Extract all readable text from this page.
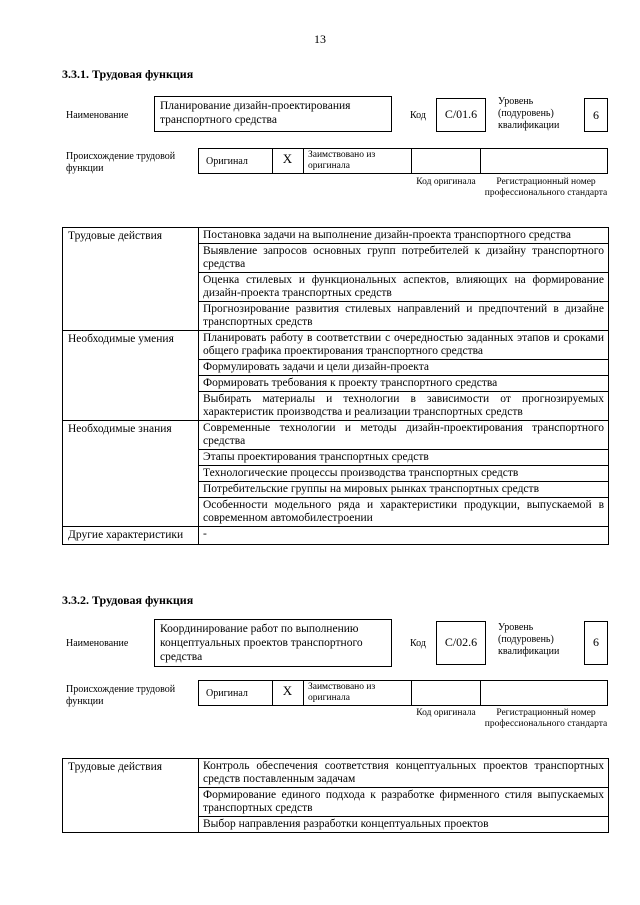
13
3.3.1. Трудовая функция
Наименование
Планирование дизайн-проектирования транспортного средства	Код	C/01.6
Уровень (подуровень) квалификации
6
Происхождение трудовой функции
Оригинал	X	Заимствовано из оригинала
Код оригинала	Регистрационный номер профессионального стандарта
Трудовые действия	Постановка задачи на выполнение дизайн-проекта транспортного средства
	Выявление запросов основных групп потребителей к дизайну транспортного средства
	Оценка стилевых и функциональных аспектов, влияющих на формирование дизайн-проекта транспортных средств
	Прогнозирование развития стилевых направлений и предпочтений в дизайне транспортных средств
Необходимые умения	Планировать работу в соответствии с очередностью заданных этапов и сроками общего графика проектирования транспортного средства
	Формулировать задачи и цели дизайн-проекта
	Формировать требования к проекту транспортного средства
	Выбирать материалы и технологии в зависимости от прогнозируемых характеристик производства и реализации транспортных средств
Необходимые знания	Современные технологии и методы дизайн-проектирования транспортного средства
	Этапы проектирования транспортных средств
	Технологические процессы производства транспортных средств
	Потребительские группы на мировых рынках транспортных средств
	Особенности модельного ряда и характеристики продукции, выпускаемой в современном автомобилестроении
Другие характеристики	-
3.3.2. Трудовая функция
Наименование
Координирование работ по выполнению концептуальных проектов транспортного средства
Код	C/02.6
Уровень (подуровень) квалификации
6
Происхождение трудовой функции
Оригинал	X	Заимствовано из оригинала
Код оригинала	Регистрационный номер профессионального стандарта
Трудовые действия	Контроль обеспечения соответствия концептуальных проектов транспортных средств поставленным задачам
Формирование единого подхода к разработке фирменного стиля выпускаемых транспортных средств
Выбор направления разработки концептуальных проектов
